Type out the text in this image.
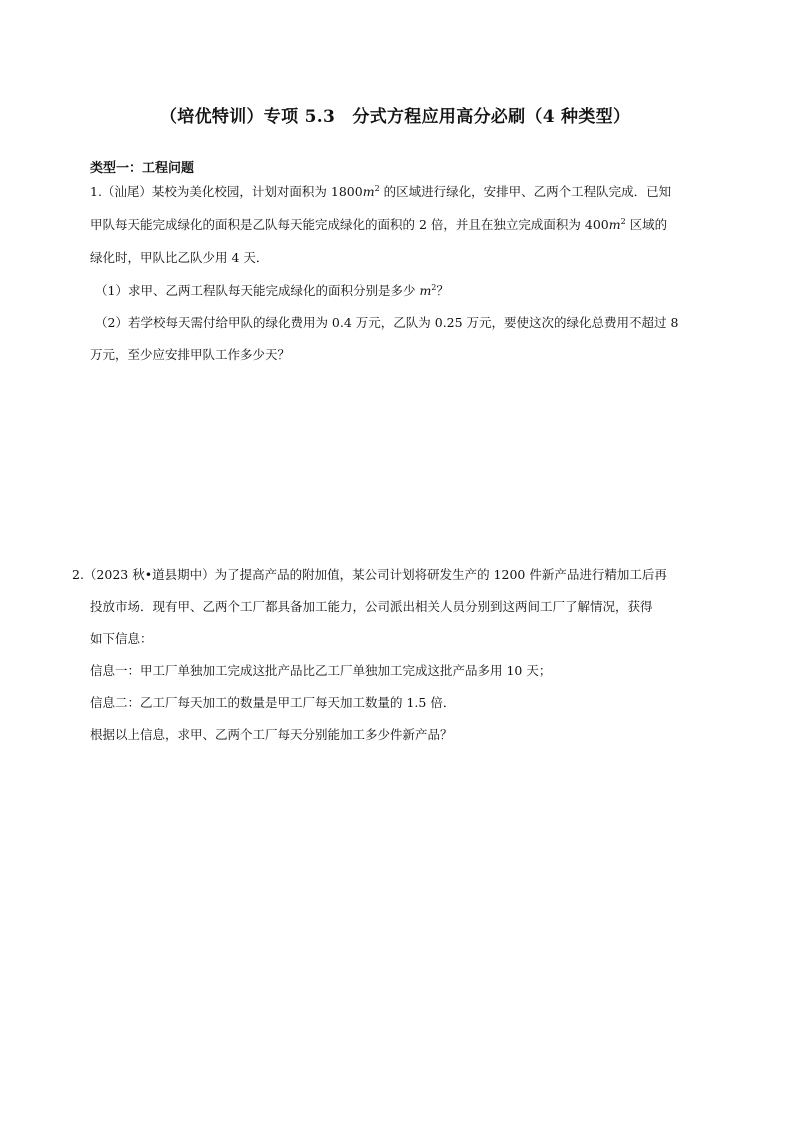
（培优特训）专项 5.3　分式方程应用高分必刷（4 种类型）
类型一：工程问题
1.（汕尾）某校为美化校园，计划对面积为 $1800m^2$ 的区域进行绿化，安排甲、乙两个工程队完成．已知
甲队每天能完成绿化的面积是乙队每天能完成绿化的面积的 2 倍，并且在独立完成面积为 $400m^2$ 区域的
绿化时，甲队比乙队少用 4 天．
（1）求甲、乙两工程队每天能完成绿化的面积分别是多少 $m^2$？
（2）若学校每天需付给甲队的绿化费用为 0.4 万元，乙队为 0.25 万元，要使这次的绿化总费用不超过 8
万元，至少应安排甲队工作多少天？
2.（2023 秋•道县期中）为了提高产品的附加值，某公司计划将研发生产的 1200 件新产品进行精加工后再
投放市场．现有甲、乙两个工厂都具备加工能力，公司派出相关人员分别到这两间工厂了解情况，获得
如下信息：
信息一：甲工厂单独加工完成这批产品比乙工厂单独加工完成这批产品多用 10 天；
信息二：乙工厂每天加工的数量是甲工厂每天加工数量的 1.5 倍．
根据以上信息，求甲、乙两个工厂每天分别能加工多少件新产品？
